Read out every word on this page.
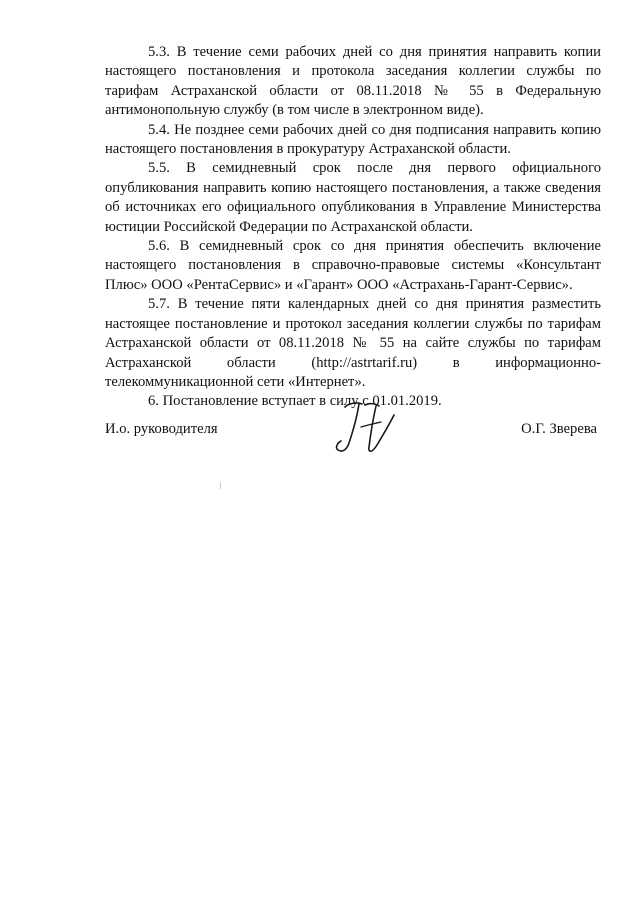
5.3. В течение семи рабочих дней со дня принятия направить копии настоящего постановления и протокола заседания коллегии службы по тарифам Астраханской области от 08.11.2018 № 55 в Федеральную антимонопольную службу (в том числе в электронном виде).

5.4. Не позднее семи рабочих дней со дня подписания направить копию настоящего постановления в прокуратуру Астраханской области.

5.5. В семидневный срок после дня первого официального опубликования направить копию настоящего постановления, а также сведения об источниках его официального опубликования в Управление Министерства юстиции Российской Федерации по Астраханской области.

5.6. В семидневный срок со дня принятия обеспечить включение настоящего постановления в справочно-правовые системы «Консультант Плюс» ООО «РентаСервис» и «Гарант» ООО «Астрахань-Гарант-Сервис».

5.7. В течение пяти календарных дней со дня принятия разместить настоящее постановление и протокол заседания коллегии службы по тарифам Астраханской области от 08.11.2018 № 55 на сайте службы по тарифам Астраханской области (http://astrtarif.ru) в информационно-телекоммуникационной сети «Интернет».

6. Постановление вступает в силу с 01.01.2019.

И.о. руководителя	О.Г. Зверева
